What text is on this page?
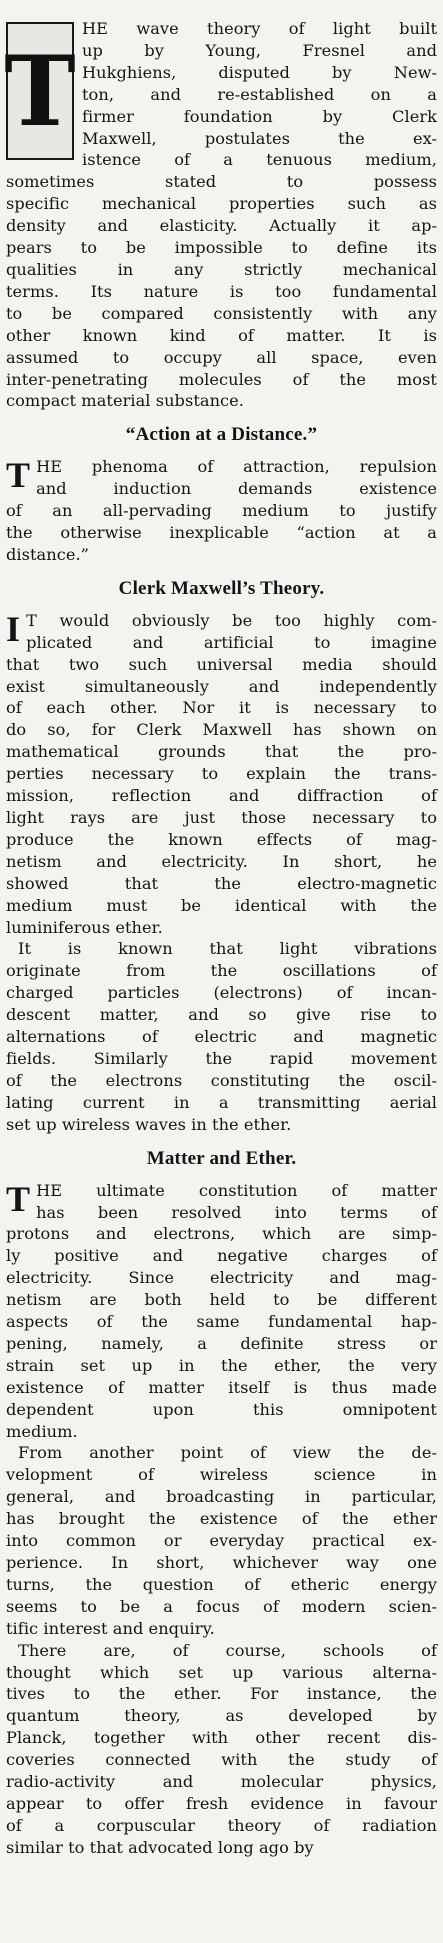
T

HE wave theory of light built
up by Young, Fresnel and
Hukghiens, disputed by New-
ton, and re-established on a
firmer foundation by Clerk
Maxwell, postulates the ex-
istence of a tenuous medium,
sometimes stated to possess
specific mechanical properties such as
density and elasticity. Actually it ap-
pears to be impossible to define its
qualities in any strictly mechanical
terms. Its nature is too fundamental
to be compared consistently with any
other known kind of matter. It is
assumed to occupy all space, even
inter-penetrating molecules of the most
compact material substance.

“Action at a Distance.”

T HE phenoma of attraction, repulsion
and induction demands existence
of an all-pervading medium to justify
the otherwise inexplicable “action at a
distance.”

Clerk Maxwell’s Theory.

I T would obviously be too highly com-
plicated and artificial to imagine
that two such universal media should
exist simultaneously and independently
of each other. Nor it is necessary to
do so, for Clerk Maxwell has shown on
mathematical grounds that the pro-
perties necessary to explain the trans-
mission, reflection and diffraction of
light rays are just those necessary to
produce the known effects of mag-
netism and electricity. In short, he
showed that the electro-magnetic
medium must be identical with the
luminiferous ether.

It is known that light vibrations
originate from the oscillations of
charged particles (electrons) of incan-
descent matter, and so give rise to
alternations of electric and magnetic
fields. Similarly the rapid movement
of the electrons constituting the oscil-
lating current in a transmitting aerial
set up wireless waves in the ether.

Matter and Ether.

T HE ultimate constitution of matter
has been resolved into terms of
protons and electrons, which are simp-
ly positive and negative charges of
electricity. Since electricity and mag-
netism are both held to be different
aspects of the same fundamental hap-
pening, namely, a definite stress or
strain set up in the ether, the very
existence of matter itself is thus made
dependent upon this omnipotent
medium.

From another point of view the de-
velopment of wireless science in
general, and broadcasting in particular,
has brought the existence of the ether
into common or everyday practical ex-
perience. In short, whichever way one
turns, the question of etheric energy
seems to be a focus of modern scien-
tific interest and enquiry.

There are, of course, schools of
thought which set up various alterna-
tives to the ether. For instance, the
quantum theory, as developed by
Planck, together with other recent dis-
coveries connected with the study of
radio-activity and molecular physics,
appear to offer fresh evidence in favour
of a corpuscular theory of radiation
similar to that advocated long ago by
